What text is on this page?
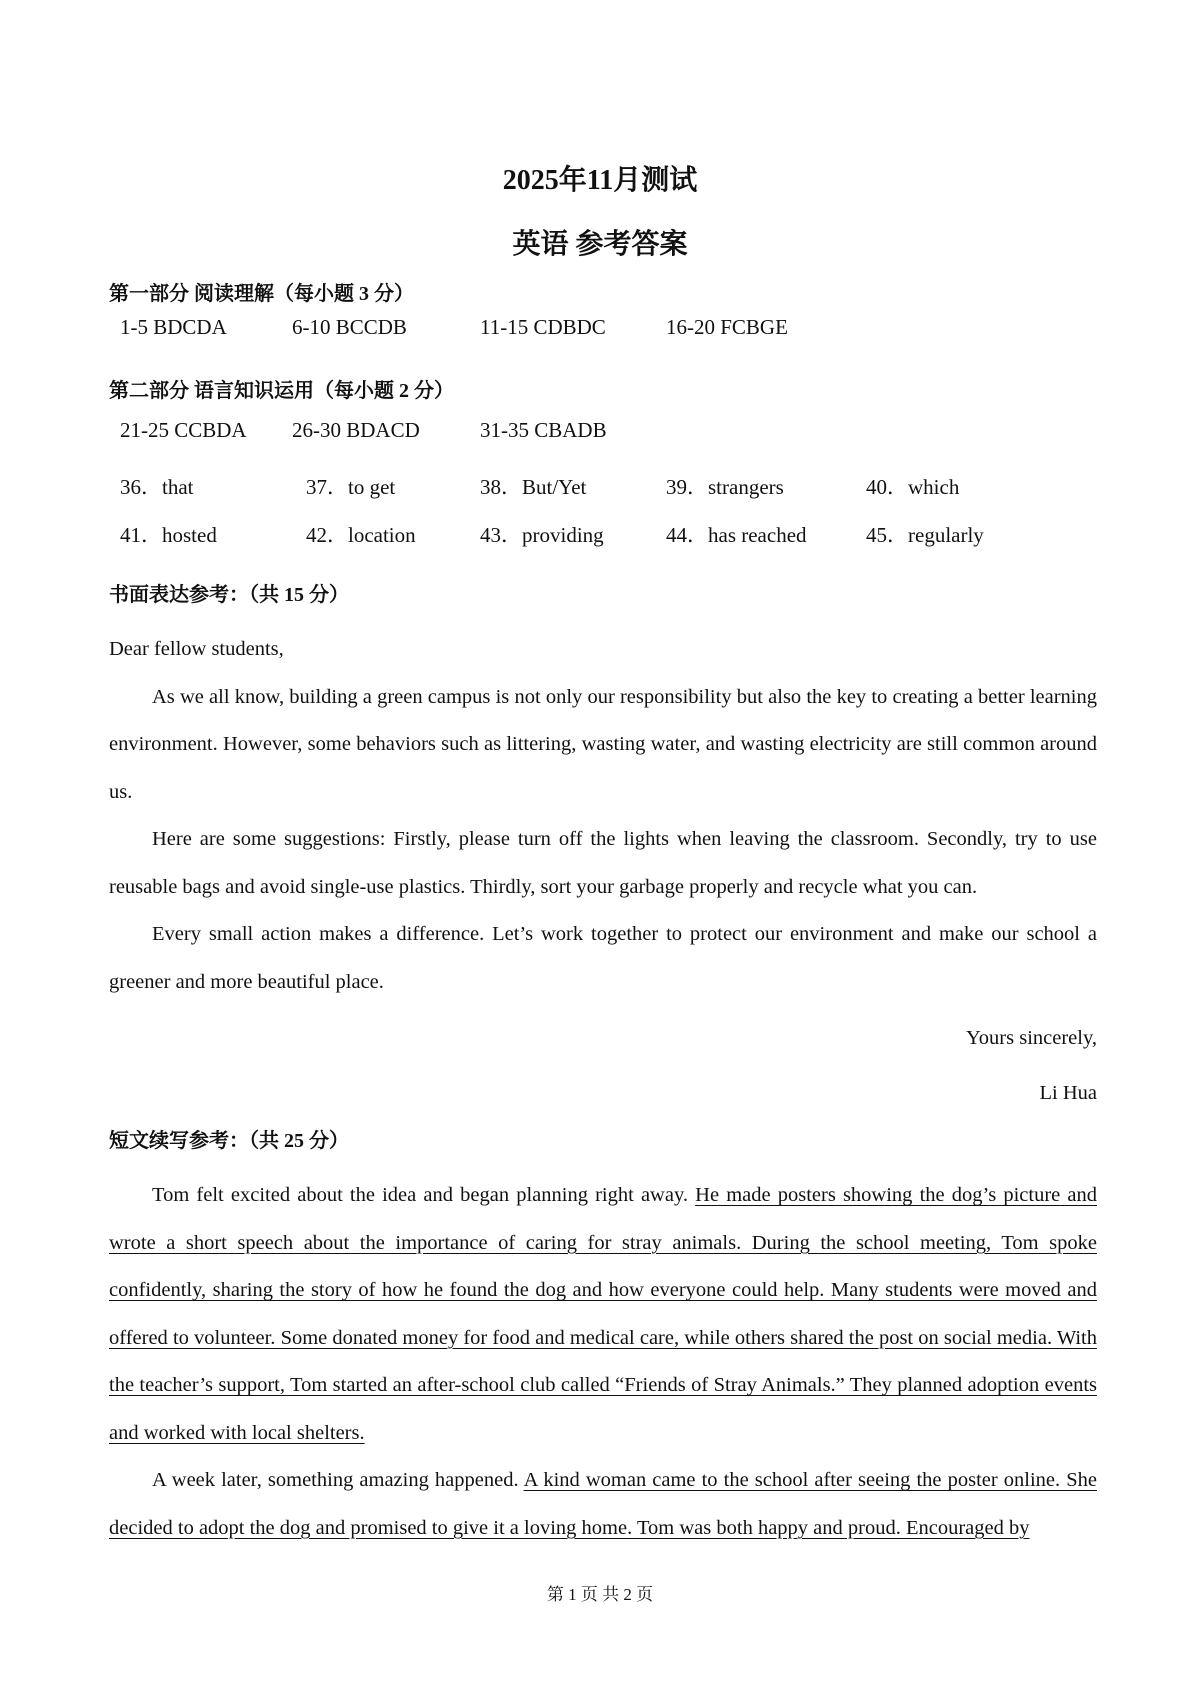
2025年11月测试
英语 参考答案
第一部分 阅读理解（每小题 3 分）
1-5 BDCDA	6-10 BCCDB	11-15 CDBDC	16-20 FCBGE
第二部分 语言知识运用（每小题 2 分）
21-25 CCBDA 26-30 BDACD	31-35 CBADB
36．that	37．to get	38．But/Yet	39．strangers	40．which
41．hosted	42．location	43．providing	44．has reached	45．regularly
书面表达参考：（共 15 分）

Dear fellow students,

As we all know, building a green campus is not only our responsibility but also the key to creating a better learning environment. However, some behaviors such as littering, wasting water, and wasting electricity are still common around us.

Here are some suggestions: Firstly, please turn off the lights when leaving the classroom. Secondly, try to use reusable bags and avoid single-use plastics. Thirdly, sort your garbage properly and recycle what you can.

Every small action makes a difference. Let’s work together to protect our environment and make our school a greener and more beautiful place.

Yours sincerely,
Li Hua
短文续写参考：（共 25 分）

Tom felt excited about the idea and began planning right away. He made posters showing the dog’s picture and wrote a short speech about the importance of caring for stray animals. During the school meeting, Tom spoke confidently, sharing the story of how he found the dog and how everyone could help. Many students were moved and offered to volunteer. Some donated money for food and medical care, while others shared the post on social media. With the teacher’s support, Tom started an after-school club called “Friends of Stray Animals.” They planned adoption events and worked with local shelters.

A week later, something amazing happened. A kind woman came to the school after seeing the poster online. She decided to adopt the dog and promised to give it a loving home. Tom was both happy and proud. Encouraged by

第 1 页 共 2 页
